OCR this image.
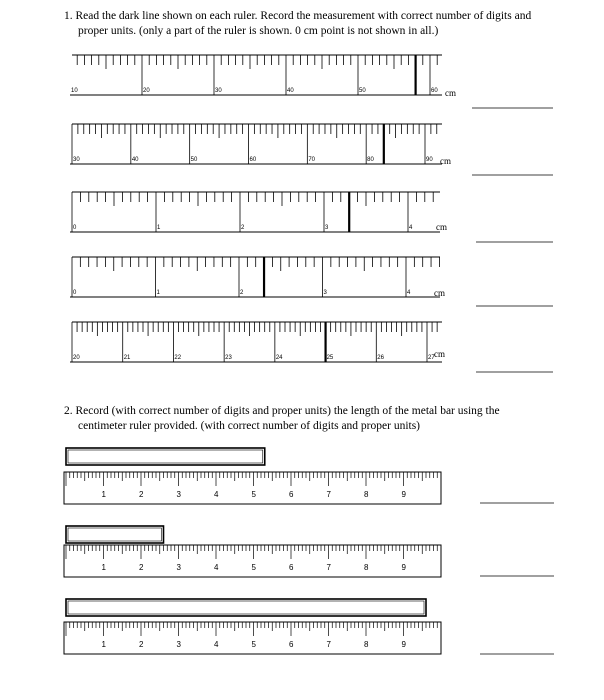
1. Read the dark line shown on each ruler. Record the measurement with correct number of digits and
proper units. (only a part of the ruler is shown. 0 cm point is not shown in all.)
2. Record (with correct number of digits and proper units) the length of the metal bar using the
centimeter ruler provided. (with correct number of digits and proper units)
10	20	30	40	50	60 cm
30	40	50	60	70	80	90 cm
0	1	2	3	4	cm
0	1	2	3	4	cm
20	21	22	23	24	25	26	27 cm
1	2	3	4	5	6	7	8	9
1	2	3	4	5	6	7	8	9
1	2	3	4	5	6	7	8	9
